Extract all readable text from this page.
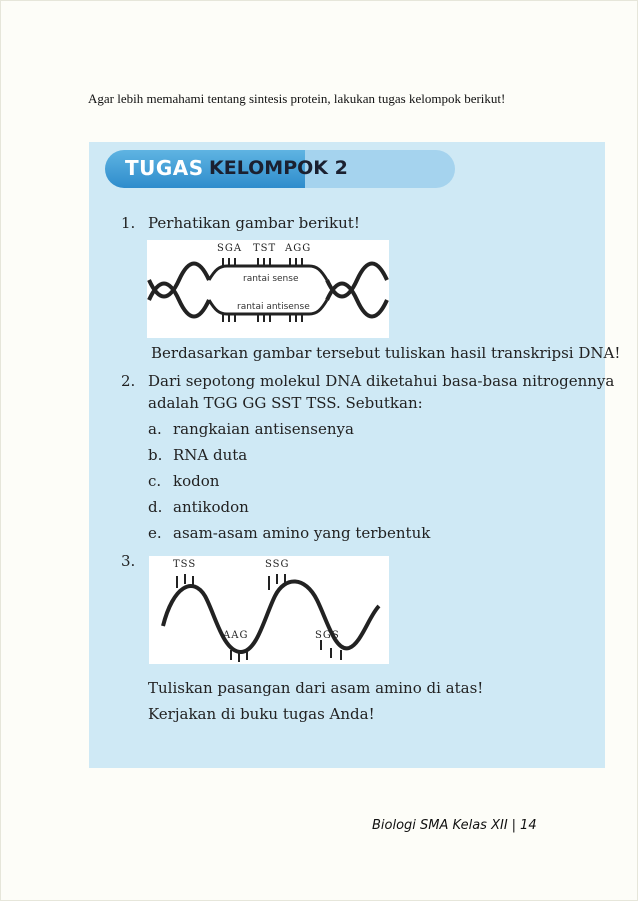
Agar lebih memahami tentang sintesis protein, lakukan tugas kelompok berikut!
TUGAS KELOMPOK 2
1. Perhatikan gambar berikut!
SGA TST AGG
rantai sense
rantai antisense
Berdasarkan gambar tersebut tuliskan hasil transkripsi DNA!
2. Dari sepotong molekul DNA diketahui basa-basa nitrogennya
adalah TGG GG SST TSS. Sebutkan:
a. rangkaian antisensenya
b. RNA duta
c. kodon
d. antikodon
e. asam-asam amino yang terbentuk
3.	TSS	SSG
AAG	SGS
Tuliskan pasangan dari asam amino di atas!
Kerjakan di buku tugas Anda!
Biologi SMA Kelas XII | 14
